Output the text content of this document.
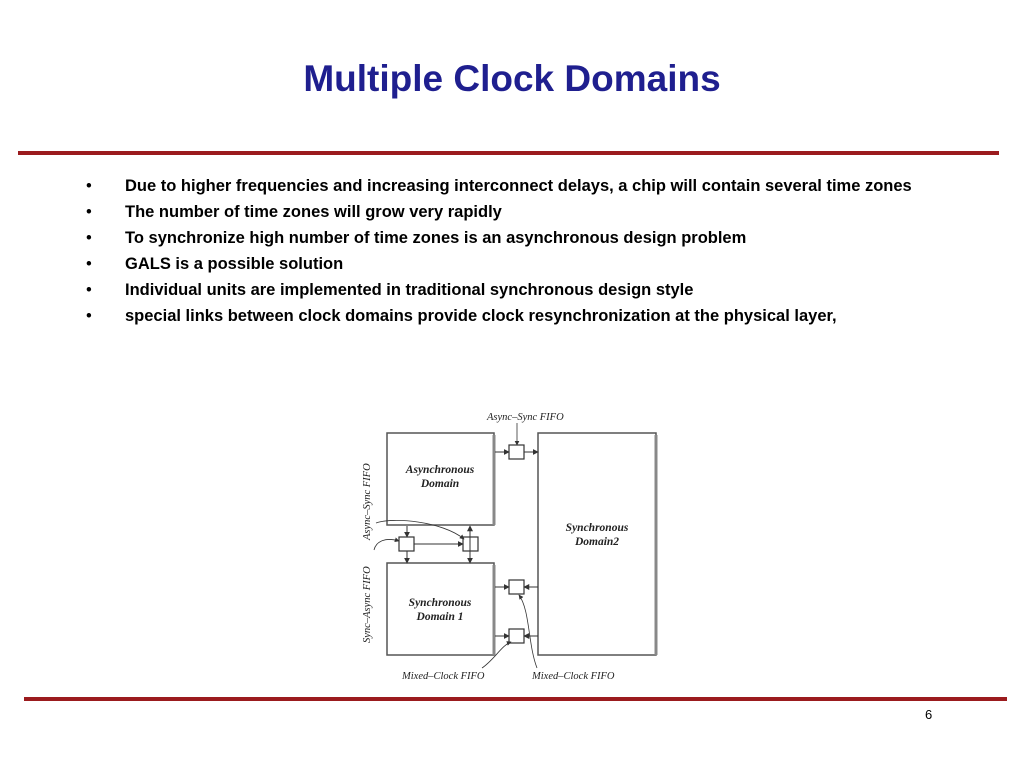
Multiple Clock Domains
• Due to higher frequencies and increasing interconnect delays, a chip will contain several time zones
• The number of time zones will grow very rapidly
• To synchronize high number of time zones is an asynchronous design problem
• GALS is a possible solution
• Individual units are implemented in traditional synchronous design style
• special links between clock domains provide clock resynchronization at the physical layer,
Asynchronous
Domain
Synchronous
Domain 1
Synchronous
Domain2
Async–Sync FIFO
Async–Sync FIFO
Sync–Async FIFO
Mixed–Clock FIFO	Mixed–Clock FIFO
6
